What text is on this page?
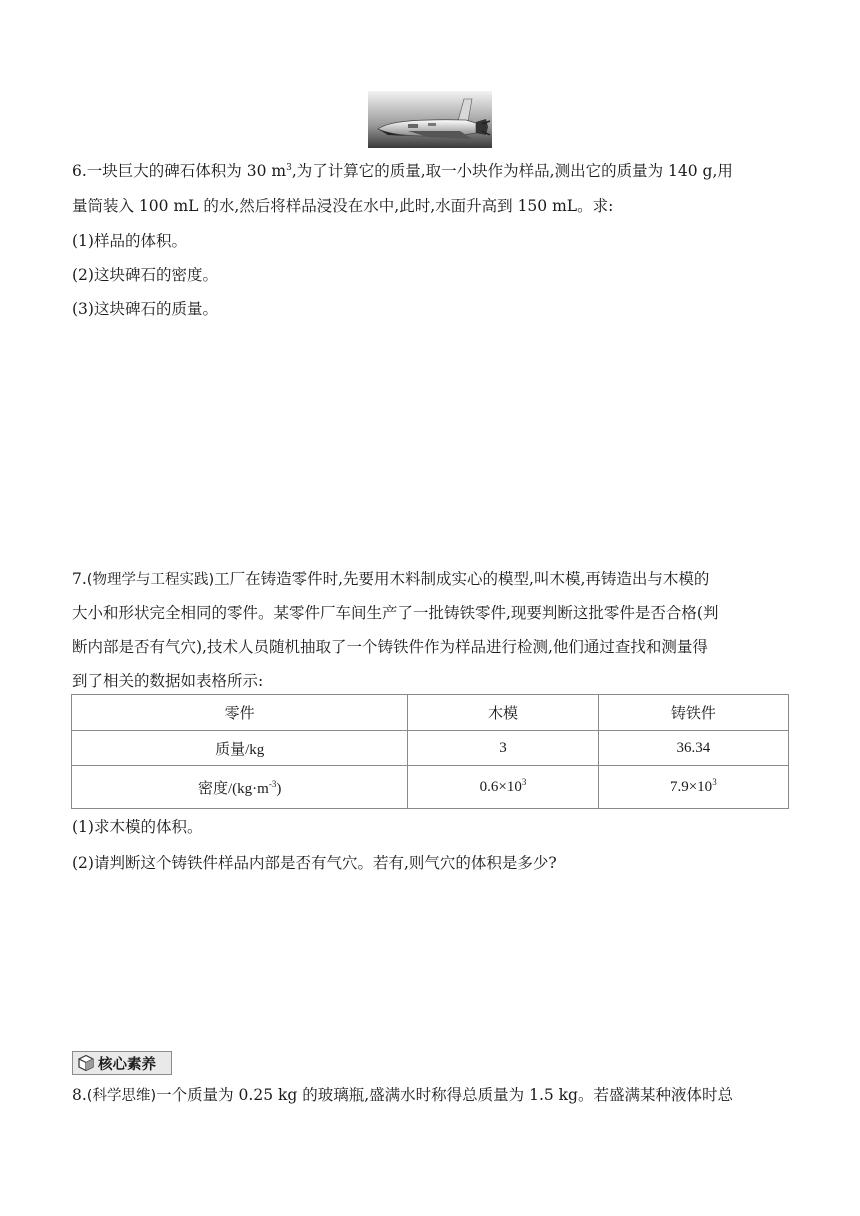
6.一块巨大的碑石体积为 30 $m^3$,为了计算它的质量,取一小块作为样品,测出它的质量为 140 g,用
量筒装入 100 mL 的水,然后将样品浸没在水中,此时,水面升高到 150 mL。求:
(1)样品的体积。
(2)这块碑石的密度。
(3)这块碑石的质量。
7.(物理学与工程实践)工厂在铸造零件时,先要用木料制成实心的模型,叫木模,再铸造出与木模的
大小和形状完全相同的零件。某零件厂车间生产了一批铸铁零件,现要判断这批零件是否合格(判
断内部是否有气穴),技术人员随机抽取了一个铸铁件作为样品进行检测,他们通过查找和测量得
到了相关的数据如表格所示:
零件	木模	铸铁件
质量/kg	3	36.34
密度$/(kg\cdot m^{-3})$	$0.6\times 10^3$	$7.9\times 10^3$
(1)求木模的体积。
(2)请判断这个铸铁件样品内部是否有气穴。若有,则气穴的体积是多少?
核心素养
8.(科学思维)一个质量为 0.25 kg 的玻璃瓶,盛满水时称得总质量为 1.5 kg。若盛满某种液体时总
